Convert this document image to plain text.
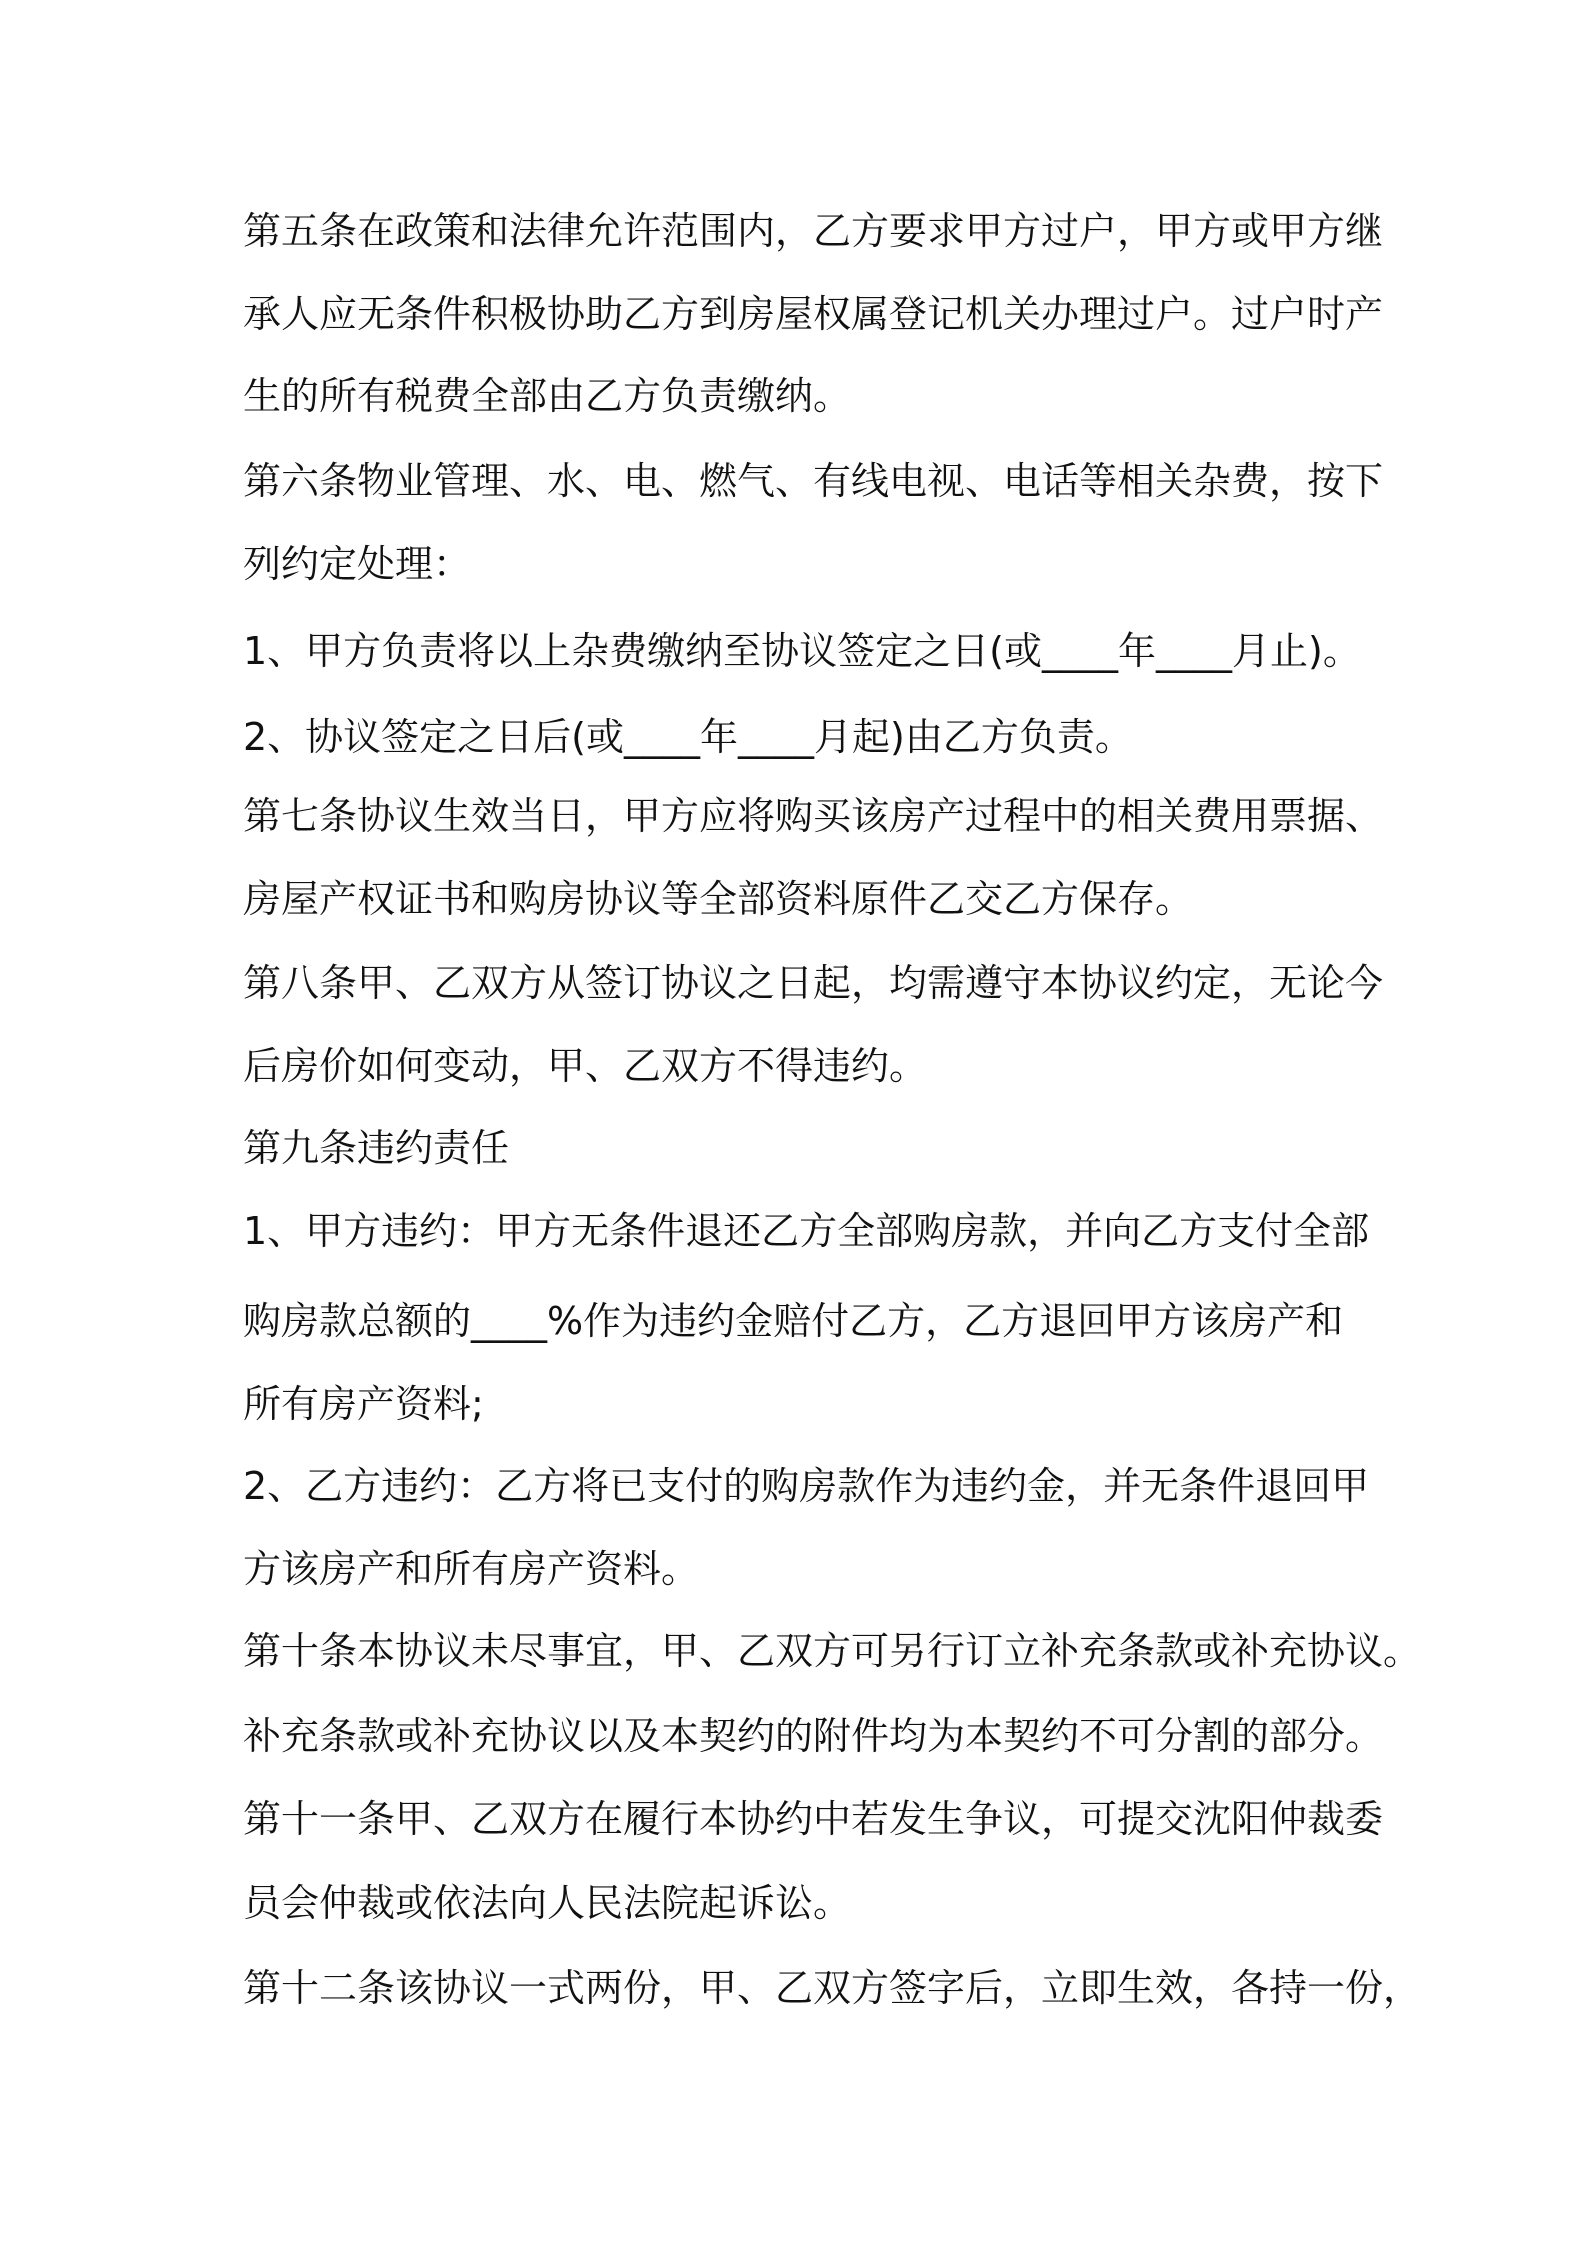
第五条在政策和法律允许范围内，乙方要求甲方过户，甲方或甲方继
承人应无条件积极协助乙方到房屋权属登记机关办理过户。过户时产
生的所有税费全部由乙方负责缴纳。
第六条物业管理、水、电、燃气、有线电视、电话等相关杂费，按下
列约定处理：
1、甲方负责将以上杂费缴纳至协议签定之日(或____年____月止)。
2、协议签定之日后(或____年____月起)由乙方负责。
第七条协议生效当日，甲方应将购买该房产过程中的相关费用票据、
房屋产权证书和购房协议等全部资料原件乙交乙方保存。
第八条甲、乙双方从签订协议之日起，均需遵守本协议约定，无论今
后房价如何变动，甲、乙双方不得违约。
第九条违约责任
1、甲方违约：甲方无条件退还乙方全部购房款，并向乙方支付全部
购房款总额的____%作为违约金赔付乙方，乙方退回甲方该房产和
所有房产资料;
2、乙方违约：乙方将已支付的购房款作为违约金，并无条件退回甲
方该房产和所有房产资料。
第十条本协议未尽事宜，甲、乙双方可另行订立补充条款或补充协议。
补充条款或补充协议以及本契约的附件均为本契约不可分割的部分。
第十一条甲、乙双方在履行本协约中若发生争议，可提交沈阳仲裁委
员会仲裁或依法向人民法院起诉讼。
第十二条该协议一式两份，甲、乙双方签字后，立即生效，各持一份，
